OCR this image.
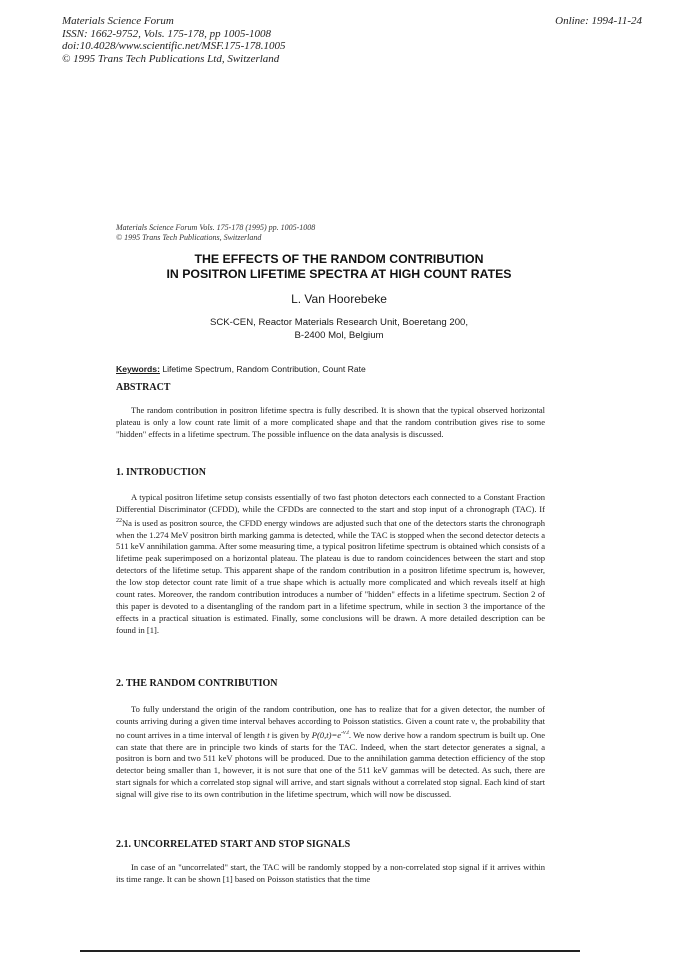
Materials Science Forum
ISSN: 1662-9752, Vols. 175-178, pp 1005-1008
doi:10.4028/www.scientific.net/MSF.175-178.1005
© 1995 Trans Tech Publications Ltd, Switzerland
Online: 1994-11-24
Materials Science Forum Vols. 175-178 (1995) pp. 1005-1008
© 1995 Trans Tech Publications, Switzerland
THE EFFECTS OF THE RANDOM CONTRIBUTION
IN POSITRON LIFETIME SPECTRA AT HIGH COUNT RATES
L. Van Hoorebeke
SCK-CEN, Reactor Materials Research Unit, Boeretang 200,
B-2400 Mol, Belgium
Keywords: Lifetime Spectrum, Random Contribution, Count Rate
ABSTRACT

The random contribution in positron lifetime spectra is fully described. It is shown that the typical observed horizontal plateau is only a low count rate limit of a more complicated shape and that the random contribution gives rise to some "hidden" effects in a lifetime spectrum. The possible influence on the data analysis is discussed.

1. INTRODUCTION

A typical positron lifetime setup consists essentially of two fast photon detectors each connected to a Constant Fraction Differential Discriminator (CFDD), while the CFDDs are connected to the start and stop input of a chronograph (TAC). If $^{22}$Na is used as positron source, the CFDD energy windows are adjusted such that one of the detectors starts the chronograph when the 1.274 MeV positron birth marking gamma is detected, while the TAC is stopped when the second detector detects a 511 keV annihilation gamma. After some measuring time, a typical positron lifetime spectrum is obtained which consists of a lifetime peak superimposed on a horizontal plateau. The plateau is due to random coincidences between the start and stop detectors of the lifetime setup. This apparent shape of the random contribution in a positron lifetime spectrum is, however, the low stop detector count rate limit of a true shape which is actually more complicated and which reveals itself at high count rates. Moreover, the random contribution introduces a number of "hidden" effects in a lifetime spectrum. Section 2 of this paper is devoted to a disentangling of the random part in a lifetime spectrum, while in section 3 the importance of the effects in a practical situation is estimated. Finally, some conclusions will be drawn. A more detailed description can be found in [1].

2. THE RANDOM CONTRIBUTION

To fully understand the origin of the random contribution, one has to realize that for a given detector, the number of counts arriving during a given time interval behaves according to Poisson statistics. Given a count rate ν, the probability that no count arrives in a time interval of length t is given by $P(0,t)=e^{-\nu.t}$. We now derive how a random spectrum is built up. One can state that there are in principle two kinds of starts for the TAC. Indeed, when the start detector generates a signal, a positron is born and two 511 keV photons will be produced. Due to the annihilation gamma detection efficiency of the stop detector being smaller than 1, however, it is not sure that one of the 511 keV gammas will be detected. As such, there are start signals for which a correlated stop signal will arrive, and start signals without a correlated stop signal. Each kind of start signal will give rise to its own contribution in the lifetime spectrum, which will now be discussed.

2.1. UNCORRELATED START AND STOP SIGNALS

In case of an "uncorrelated" start, the TAC will be randomly stopped by a non-correlated stop signal if it arrives within its time range. It can be shown [1] based on Poisson statistics that the time
